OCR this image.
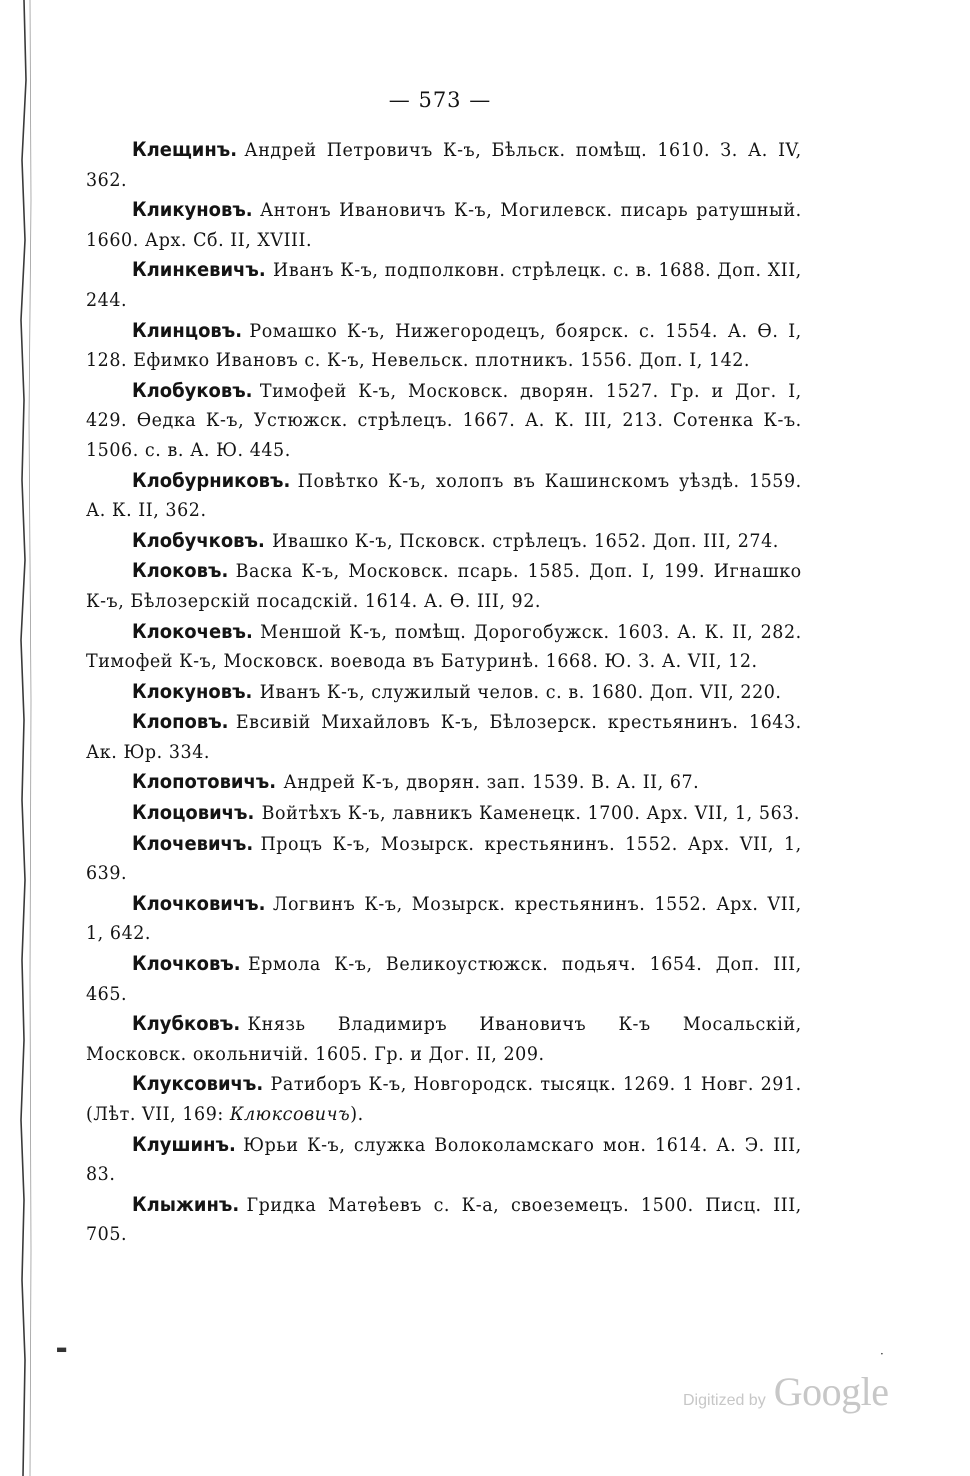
— 573 —

Клещинъ. Андрей Петровичъ К-ъ, Бѣльск. помѣщ. 1610. З. А. IV, 362.

Кликуновъ. Антонъ Ивановичъ К-ъ, Могилевск. писарь ратушный. 1660. Арх. Сб. II, XVIII.

Клинкевичъ. Иванъ К-ъ, подполковн. стрѣлецк. с. в. 1688. Доп. XII, 244.

Клинцовъ. Ромашко К-ъ, Нижегородецъ, боярск. с. 1554. А. Ѳ. I, 128. Ефимко Ивановъ с. К-ъ, Невельск. плотникъ. 1556. Доп. I, 142.

Клобуковъ. Тимофей К-ъ, Московск. дворян. 1527. Гр. и Дог. I, 429. Ѳедка К-ъ, Устюжск. стрѣлецъ. 1667. А. К. III, 213. Сотенка К-ъ. 1506. с. в. А. Ю. 445.

Клобурниковъ. Повѣтко К-ъ, холопъ въ Кашинскомъ уѣздѣ. 1559. А. К. II, 362.

Клобучковъ. Ивашко К-ъ, Псковск. стрѣлецъ. 1652. Доп. III, 274.

Клоковъ. Васка К-ъ, Московск. псарь. 1585. Доп. I, 199. Игнашко К-ъ, Бѣлозерскій посадскій. 1614. А. Ѳ. III, 92.

Клокочевъ. Меншой К-ъ, помѣщ. Дорогобужск. 1603. А. К. II, 282. Тимофей К-ъ, Московск. воевода въ Батуринѣ. 1668. Ю. З. А. VII, 12.

Клокуновъ. Иванъ К-ъ, служилый челов. с. в. 1680. Доп. VII, 220.

Клоповъ. Евсивій Михайловъ К-ъ, Бѣлозерск. крестьянинъ. 1643. Ак. Юр. 334.

Клопотовичъ. Андрей К-ъ, дворян. зап. 1539. В. А. II, 67.

Клоцовичъ. Войтѣхъ К-ъ, лавникъ Каменецк. 1700. Арх. VII, 1, 563.

Клочевичъ. Процъ К-ъ, Мозырск. крестьянинъ. 1552. Арх. VII, 1, 639.

Клочковичъ. Логвинъ К-ъ, Мозырск. крестьянинъ. 1552. Арх. VII, 1, 642.

Клочковъ. Ермола К-ъ, Великоустюжск. подьяч. 1654. Доп. III, 465.

Клубковъ. Князь Владимиръ Ивановичъ К-ъ Мосальскій, Московск. окольничій. 1605. Гр. и Дог. II, 209.

Клуксовичъ. Ратиборъ К-ъ, Новгородск. тысяцк. 1269. 1 Новг. 291. (Лѣт. VII, 169: Клюксовичъ).

Клушинъ. Юрьи К-ъ, служка Волоколамскаго мон. 1614. А. Э. III, 83.

Клыжинъ. Гридка Матѳѣевъ с. К-а, своеземецъ. 1500. Писц. III, 705.

▬	·
Digitized by Google
